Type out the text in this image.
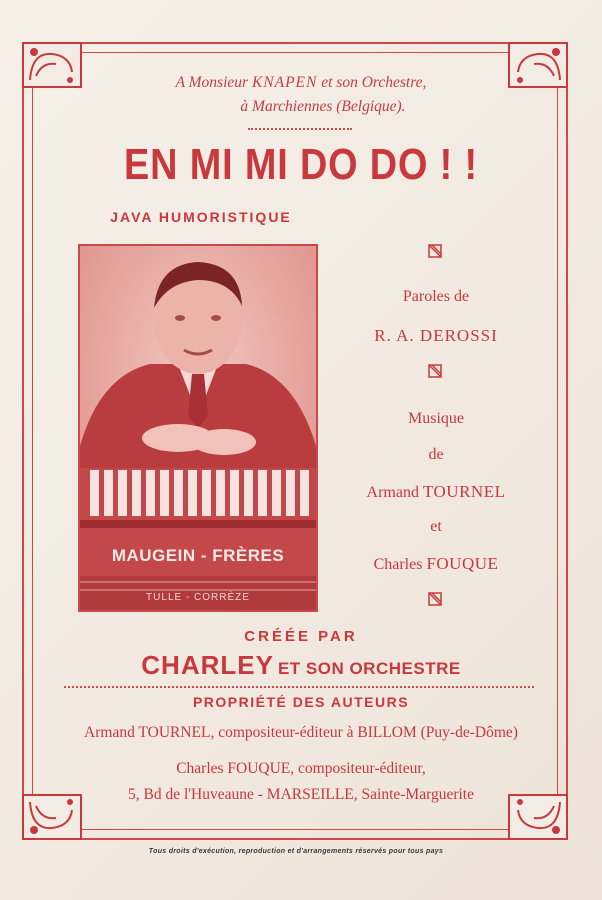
A Monsieur KNAPEN et son Orchestre,
à Marchiennes (Belgique).
EN MI MI DO DO ! !
JAVA HUMORISTIQUE
MAUGEIN - FRÈRES
TULLE - CORRÈZE
Paroles de
R. A. DEROSSI
Musique
de
Armand TOURNEL
et
Charles FOUQUE
CRÉÉE PAR
CHARLEY ET SON ORCHESTRE
PROPRIÉTÉ DES AUTEURS
Armand TOURNEL, compositeur-éditeur à BILLOM (Puy-de-Dôme)
Charles FOUQUE, compositeur-éditeur,
5, Bd de l'Huveaune - MARSEILLE, Sainte-Marguerite
Tous droits d'exécution, reproduction et d'arrangements réservés pour tous pays
